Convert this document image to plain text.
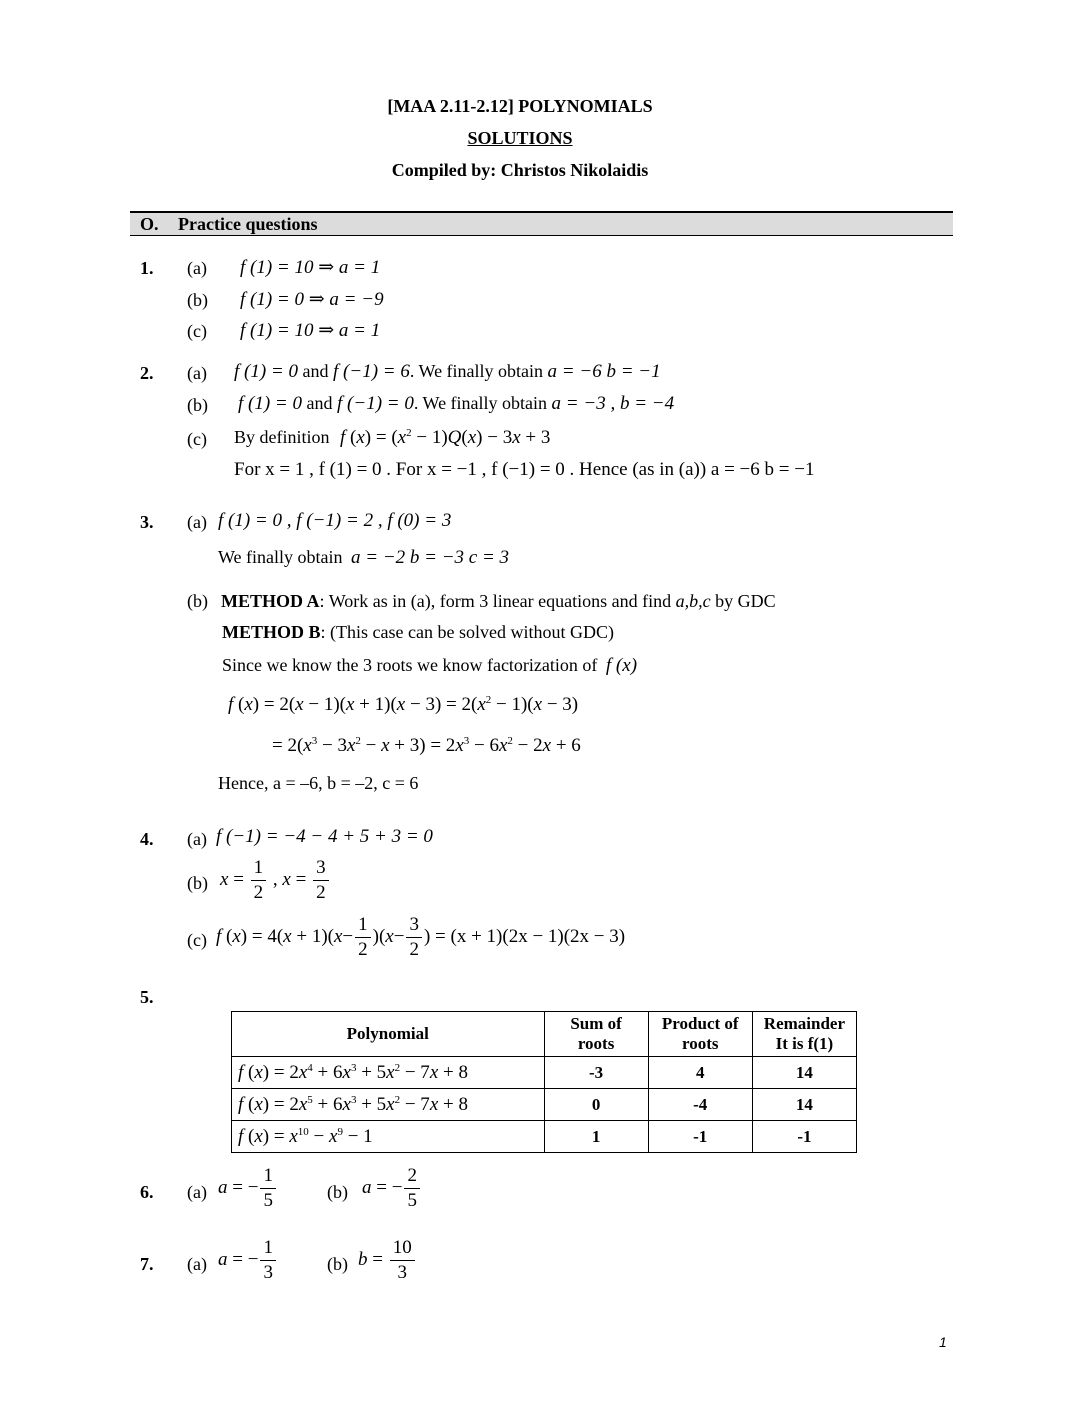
[MAA 2.11-2.12] POLYNOMIALS
SOLUTIONS
Compiled by: Christos Nikolaidis
O. Practice questions
1. (a) f (1) = 10 ⇒ a = 1
(b) f (1) = 0 ⇒ a = −9
(c) f (1) = 10 ⇒ a = 1
2. (a) f (1) = 0 and f (−1) = 6. We finally obtain a = −6 b = −1
(b) f (1) = 0 and f (−1) = 0. We finally obtain a = −3 , b = −4
(c) By definition f $(x) = (x^2 - 1)Q(x) - 3x + 3$
For x = 1 , f (1) = 0 . For x = −1 , f (−1) = 0 . Hence (as in (a)) a = −6 b = −1
3. (a) f (1) = 0 , f (−1) = 2 , f (0) = 3
We finally obtain a = −2 b = −3 c = 3
(b) METHOD A: Work as in (a), form 3 linear equations and find a,b,c by GDC
METHOD B: (This case can be solved without GDC)
Since we know the 3 roots we know factorization of f (x)
f $(x) = 2(x - 1)(x + 1)(x - 3) = 2(x^2 - 1)(x - 3)$
= $2(x^3 - 3x^2 - x + 3) = 2x^3 - 6x^2 - 2x + 6$
Hence, a = –6, b = –2, c = 6
4. (a) f (−1) = −4 − 4 + 5 + 3 = 0
(b) $x = \frac{1}{2}$ , $x = \frac{3}{2}$
(c) f $(x) = 4(x + 1)(x- \frac{1}{2} )(x- \frac{3}{2}$ ) = (x + 1)(2x − 1)(2x − 3)
5.
Polynomial	Sum of roots	Product of roots	Remainder It is f(1)
f $(x) = 2x^4 + 6x^3 + 5x^2 - 7x + 8$	-3	4	14
f $(x) = 2x^5 + 6x^3 + 5x^2 - 7x + 8$	0	-4	14
f $(x) = x^{10} - x^9 - 1$	1	-1	-1
6. (a) a = − $\frac{1}{5}$	(b) a = − $\frac{2}{5}$
7. (a) a = − $\frac{1}{3}$	(b) $b = \frac{10}{3}$
1
